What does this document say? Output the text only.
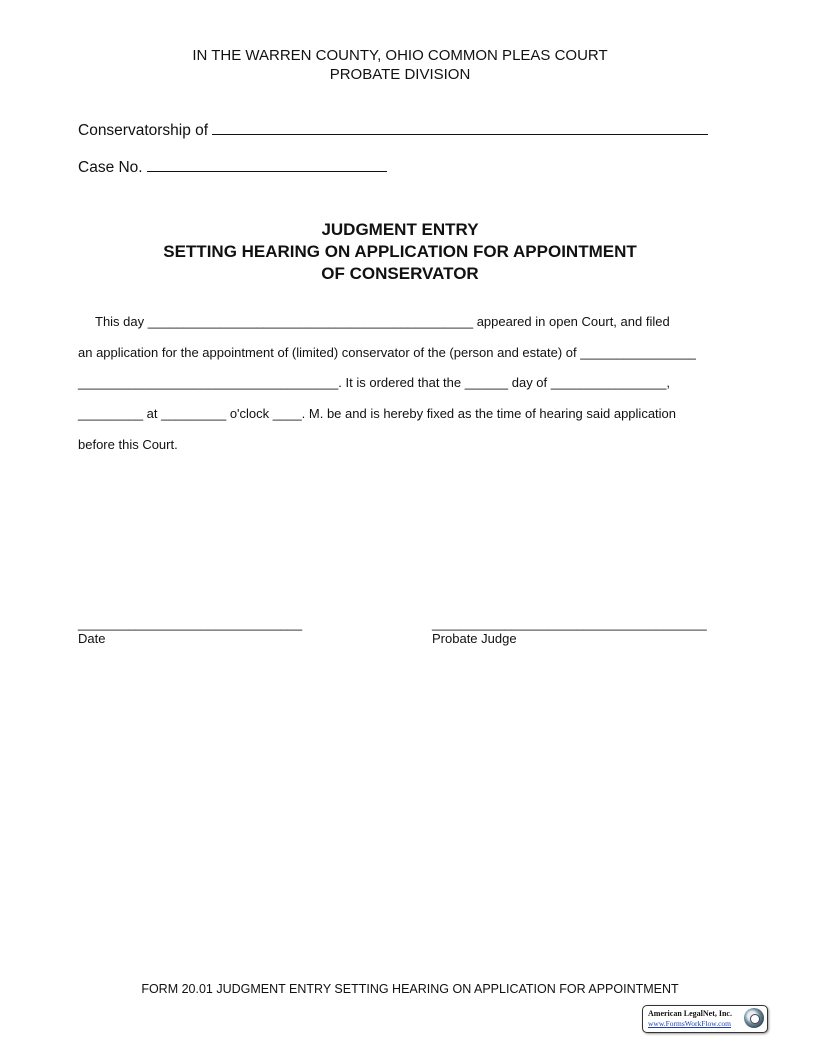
IN THE WARREN COUNTY, OHIO COMMON PLEAS COURT
PROBATE DIVISION
Conservatorship of
Case No.
JUDGMENT ENTRY
SETTING HEARING ON APPLICATION FOR APPOINTMENT
OF CONSERVATOR
This day _____________________________________________ appeared in open Court, and filed
an application for the appointment of (limited) conservator of the (person and estate) of ________________
____________________________________. It is ordered that the ______ day of ________________,
_________ at _________ o'clock ____. M. be and is hereby fixed as the time of hearing said application
before this Court.
_______________________________
Date
______________________________________
Probate Judge
FORM 20.01 JUDGMENT ENTRY SETTING HEARING ON APPLICATION FOR APPOINTMENT
American LegalNet, Inc.
www.FormsWorkFlow.com
